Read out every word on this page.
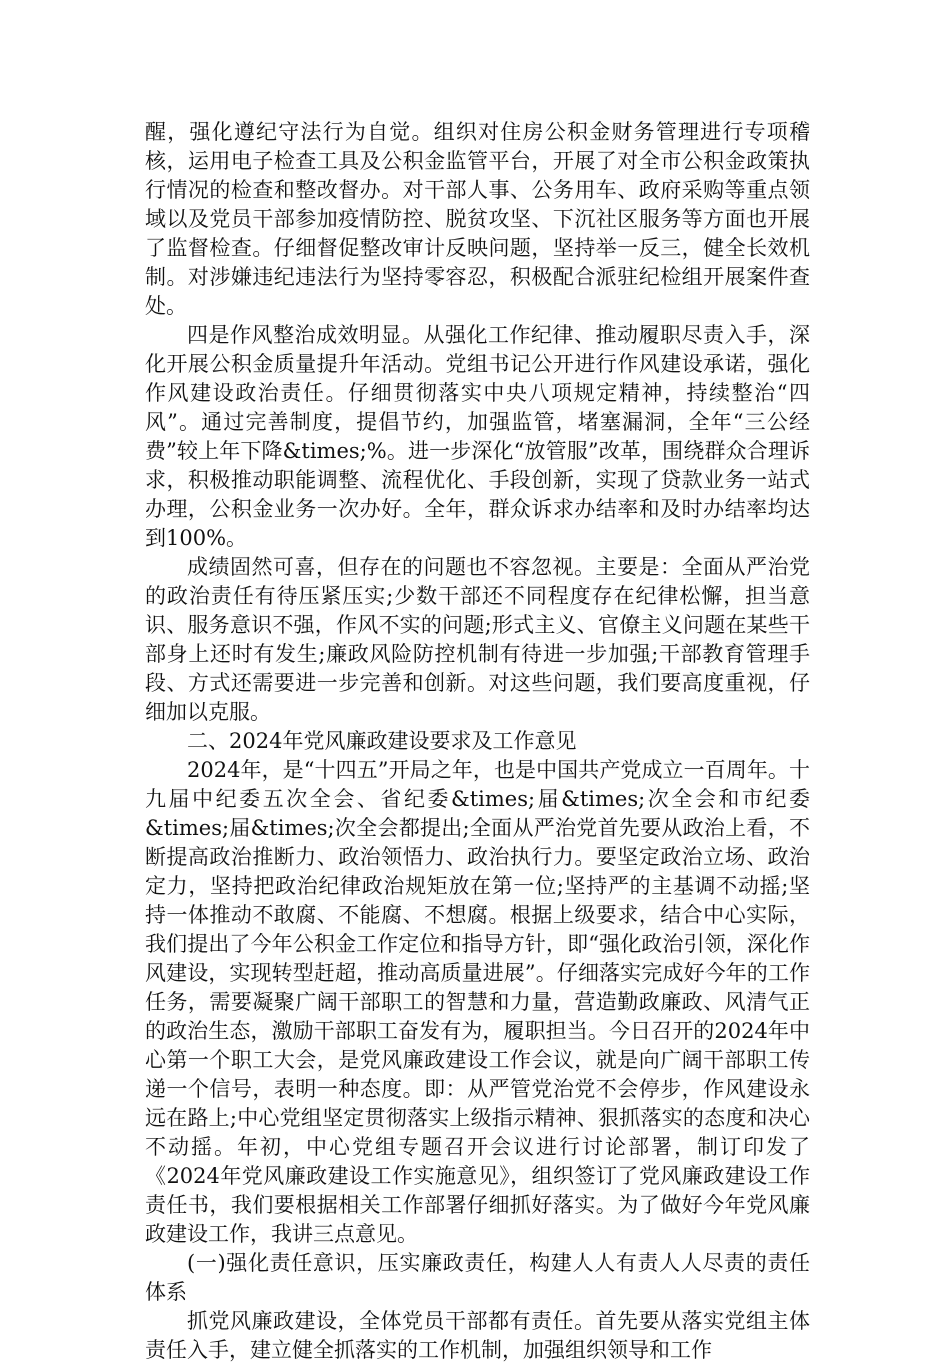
醒，强化遵纪守法行为自觉。组织对住房公积金财务管理进行专项稽核，运用电子检查工具及公积金监管平台，开展了对全市公积金政策执行情况的检查和整改督办。对干部人事、公务用车、政府采购等重点领域以及党员干部参加疫情防控、脱贫攻坚、下沉社区服务等方面也开展了监督检查。仔细督促整改审计反映问题，坚持举一反三，健全长效机制。对涉嫌违纪违法行为坚持零容忍，积极配合派驻纪检组开展案件查处。

四是作风整治成效明显。从强化工作纪律、推动履职尽责入手，深化开展公积金质量提升年活动。党组书记公开进行作风建设承诺，强化作风建设政治责任。仔细贯彻落实中央八项规定精神，持续整治“四风”。通过完善制度，提倡节约，加强监管，堵塞漏洞，全年“三公经费”较上年下降&times;%。进一步深化“放管服”改革，围绕群众合理诉求，积极推动职能调整、流程优化、手段创新，实现了贷款业务一站式办理，公积金业务一次办好。全年，群众诉求办结率和及时办结率均达到100%。

成绩固然可喜，但存在的问题也不容忽视。主要是：全面从严治党的政治责任有待压紧压实;少数干部还不同程度存在纪律松懈，担当意识、服务意识不强，作风不实的问题;形式主义、官僚主义问题在某些干部身上还时有发生;廉政风险防控机制有待进一步加强;干部教育管理手段、方式还需要进一步完善和创新。对这些问题，我们要高度重视，仔细加以克服。

二、2024年党风廉政建设要求及工作意见

2024年，是“十四五”开局之年，也是中国共产党成立一百周年。十九届中纪委五次全会、省纪委&times;届&times;次全会和市纪委&times;届&times;次全会都提出;全面从严治党首先要从政治上看，不断提高政治推断力、政治领悟力、政治执行力。要坚定政治立场、政治定力，坚持把政治纪律政治规矩放在第一位;坚持严的主基调不动摇;坚持一体推动不敢腐、不能腐、不想腐。根据上级要求，结合中心实际，我们提出了今年公积金工作定位和指导方针，即“强化政治引领，深化作风建设，实现转型赶超，推动高质量进展”。仔细落实完成好今年的工作任务，需要凝聚广阔干部职工的智慧和力量，营造勤政廉政、风清气正的政治生态，激励干部职工奋发有为，履职担当。今日召开的2024年中心第一个职工大会，是党风廉政建设工作会议，就是向广阔干部职工传递一个信号，表明一种态度。即：从严管党治党不会停步，作风建设永远在路上;中心党组坚定贯彻落实上级指示精神、狠抓落实的态度和决心不动摇。年初，中心党组专题召开会议进行讨论部署，制订印发了《2024年党风廉政建设工作实施意见》，组织签订了党风廉政建设工作责任书，我们要根据相关工作部署仔细抓好落实。为了做好今年党风廉政建设工作，我讲三点意见。

(一)强化责任意识，压实廉政责任，构建人人有责人人尽责的责任体系

抓党风廉政建设，全体党员干部都有责任。首先要从落实党组主体责任入手，建立健全抓落实的工作机制，加强组织领导和工作
